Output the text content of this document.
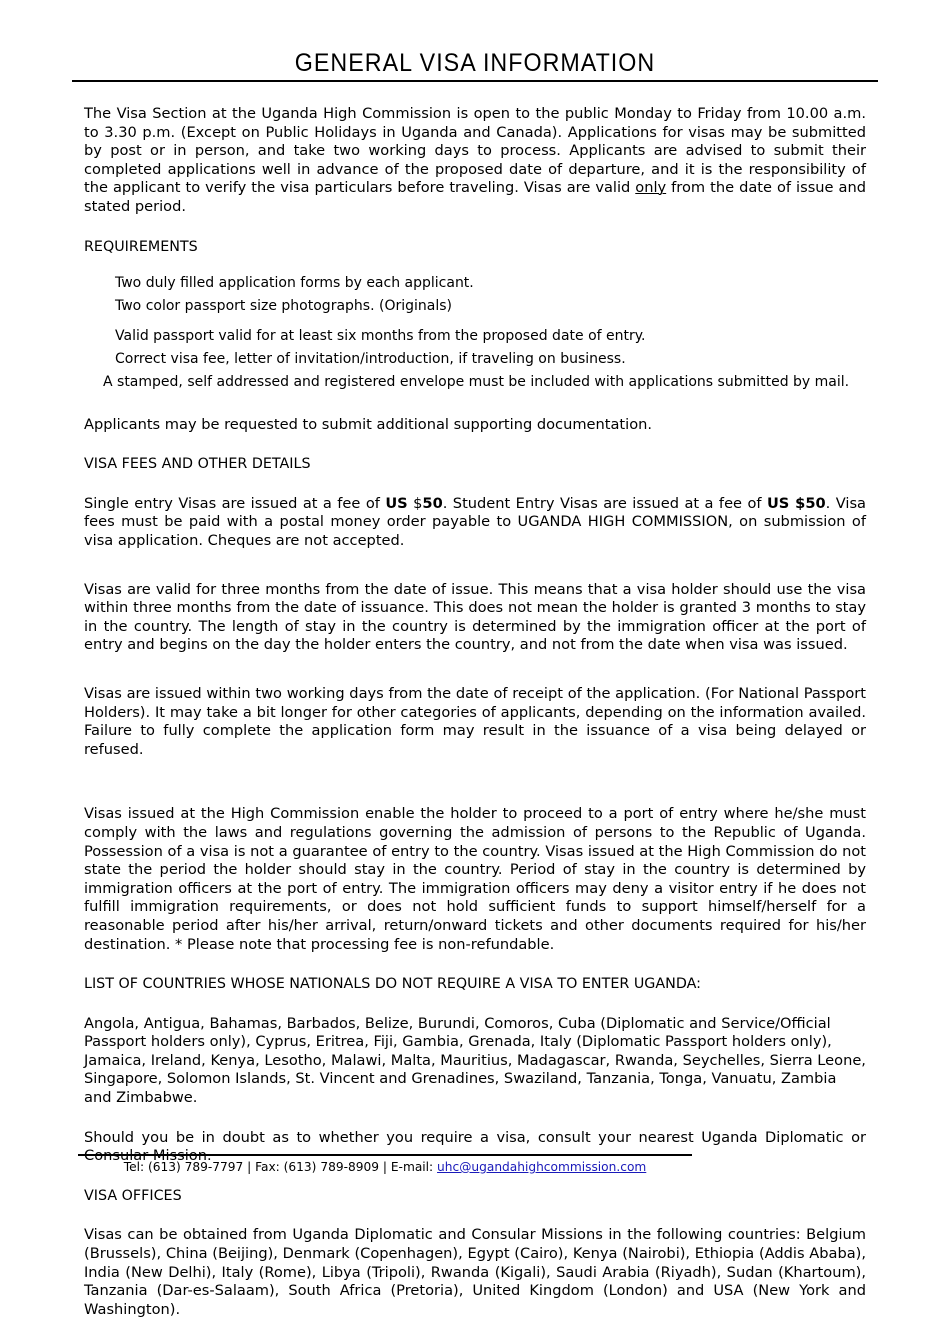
GENERAL VISA INFORMATION

The Visa Section at the Uganda High Commission is open to the public Monday to Friday from 10.00 a.m. to 3.30 p.m. (Except on Public Holidays in Uganda and Canada). Applications for visas may be submitted by post or in person, and take two working days to process. Applicants are advised to submit their completed applications well in advance of the proposed date of departure, and it is the responsibility of the applicant to verify the visa particulars before traveling. Visas are valid only from the date of issue and stated period.

REQUIREMENTS

Two duly filled application forms by each applicant.
Two color passport size photographs. (Originals)
Valid passport valid for at least six months from the proposed date of entry.
Correct visa fee, letter of invitation/introduction, if traveling on business.
A stamped, self addressed and registered envelope must be included with applications submitted by mail.

Applicants may be requested to submit additional supporting documentation.

VISA FEES AND OTHER DETAILS

Single entry Visas are issued at a fee of US $50. Student Entry Visas are issued at a fee of US $50. Visa fees must be paid with a postal money order payable to UGANDA HIGH COMMISSION, on submission of visa application. Cheques are not accepted.

Visas are valid for three months from the date of issue. This means that a visa holder should use the visa within three months from the date of issuance. This does not mean the holder is granted 3 months to stay in the country. The length of stay in the country is determined by the immigration officer at the port of entry and begins on the day the holder enters the country, and not from the date when visa was issued.

Visas are issued within two working days from the date of receipt of the application. (For National Passport Holders). It may take a bit longer for other categories of applicants, depending on the information availed. Failure to fully complete the application form may result in the issuance of a visa being delayed or refused.

Visas issued at the High Commission enable the holder to proceed to a port of entry where he/she must comply with the laws and regulations governing the admission of persons to the Republic of Uganda. Possession of a visa is not a guarantee of entry to the country. Visas issued at the High Commission do not state the period the holder should stay in the country. Period of stay in the country is determined by immigration officers at the port of entry. The immigration officers may deny a visitor entry if he does not fulfill immigration requirements, or does not hold sufficient funds to support himself/herself for a reasonable period after his/her arrival, return/onward tickets and other documents required for his/her destination. * Please note that processing fee is non-refundable.

LIST OF COUNTRIES WHOSE NATIONALS DO NOT REQUIRE A VISA TO ENTER UGANDA:

Angola, Antigua, Bahamas, Barbados, Belize, Burundi, Comoros, Cuba (Diplomatic and Service/Official Passport holders only), Cyprus, Eritrea, Fiji, Gambia, Grenada, Italy (Diplomatic Passport holders only), Jamaica, Ireland, Kenya, Lesotho, Malawi, Malta, Mauritius, Madagascar, Rwanda, Seychelles, Sierra Leone, Singapore, Solomon Islands, St. Vincent and Grenadines, Swaziland, Tanzania, Tonga, Vanuatu, Zambia and Zimbabwe.

Should you be in doubt as to whether you require a visa, consult your nearest Uganda Diplomatic or Consular Mission.

VISA OFFICES

Visas can be obtained from Uganda Diplomatic and Consular Missions in the following countries: Belgium (Brussels), China (Beijing), Denmark (Copenhagen), Egypt (Cairo), Kenya (Nairobi), Ethiopia (Addis Ababa), India (New Delhi), Italy (Rome), Libya (Tripoli), Rwanda (Kigali), Saudi Arabia (Riyadh), Sudan (Khartoum), Tanzania (Dar-es-Salaam), South Africa (Pretoria), United Kingdom (London) and USA (New York and Washington).

Tel: (613) 789-7797 | Fax: (613) 789-8909 | E-mail: uhc@ugandahighcommission.com
